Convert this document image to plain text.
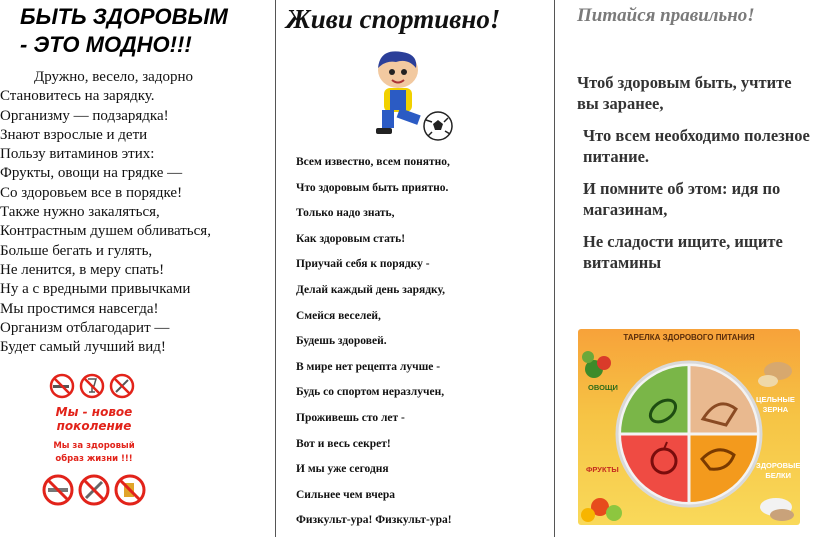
БЫТЬ ЗДОРОВЫМ
- ЭТО МОДНО!!!
Дружно, весело, задорно
Становитесь на зарядку.
Организму — подзарядка!
Знают взрослые и дети
Пользу витаминов этих:
Фрукты, овощи на грядке —
Со здоровьем все в порядке!
Также нужно закаляться,
Контрастным душем обливаться,
Больше бегать и гулять,
Не ленится, в меру спать!
Ну а с вредными привычками
Мы простимся навсегда!
Организм отблагодарит —
Будет самый лучший вид!
Мы - новое
поколение
Мы за здоровый
образ жизни !!!
Живи спортивно!
Всем известно, всем понятно,
Что здоровым быть приятно.
Только надо знать,
Как здоровым стать!
Приучай себя к порядку -
Делай каждый день зарядку,
Смейся веселей,
Будешь здоровей.
В мире нет рецепта лучше -
Будь со спортом неразлучен,
Проживешь сто лет -
Вот и весь секрет!
И мы уже сегодня
Сильнее чем вчера
Физкульт-ура! Физкульт-ура!
Питайся правильно!
Чтоб здоровым быть, учтите вы заранее,
Что всем необходимо полезное питание.
И помните об этом: идя по магазинам,
Не сладости ищите, ищите витамины
ТАРЕЛКА ЗДОРОВОГО ПИТАНИЯ
ОВОЩИ
ЦЕЛЬНЫЕ
ЗЕРНА
ФРУКТЫ	ЗДОРОВЫЕ
БЕЛКИ
